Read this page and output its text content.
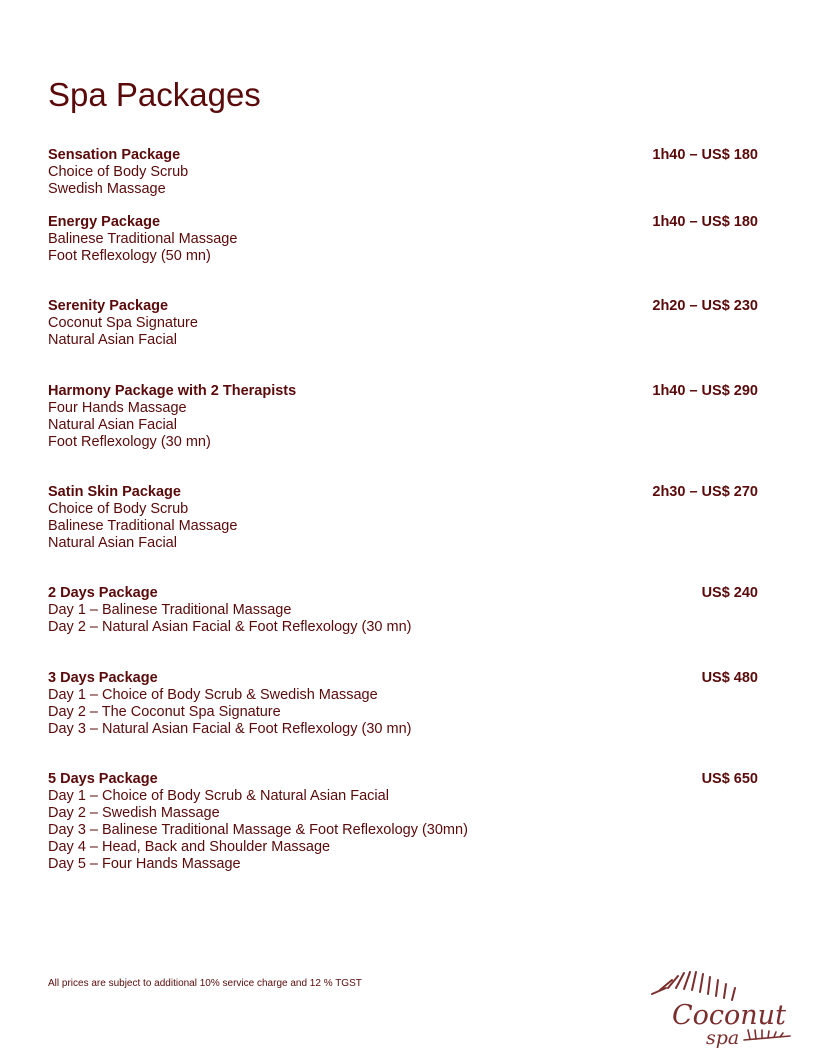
Spa Packages
Sensation Package	1h40 – US$ 180
Choice of Body Scrub
Swedish Massage
Energy Package	1h40 – US$ 180
Balinese Traditional Massage
Foot Reflexology (50 mn)
Serenity Package	2h20 – US$ 230
Coconut Spa Signature
Natural Asian Facial
Harmony Package with 2 Therapists	1h40 – US$ 290
Four Hands Massage
Natural Asian Facial
Foot Reflexology (30 mn)
Satin Skin Package	2h30 – US$ 270
Choice of Body Scrub
Balinese Traditional Massage
Natural Asian Facial
2 Days Package	US$ 240
Day 1 – Balinese Traditional Massage
Day 2 – Natural Asian Facial & Foot Reflexology (30 mn)
3 Days Package	US$ 480
Day 1 – Choice of Body Scrub & Swedish Massage
Day 2 – The Coconut Spa Signature
Day 3 – Natural Asian Facial & Foot Reflexology (30 mn)
5 Days Package	US$ 650
Day 1 – Choice of Body Scrub & Natural Asian Facial
Day 2 – Swedish Massage
Day 3 – Balinese Traditional Massage & Foot Reflexology (30mn)
Day 4 – Head, Back and Shoulder Massage
Day 5 – Four Hands Massage
All prices are subject to additional 10% service charge and 12 % TGST
Coconut
spa
